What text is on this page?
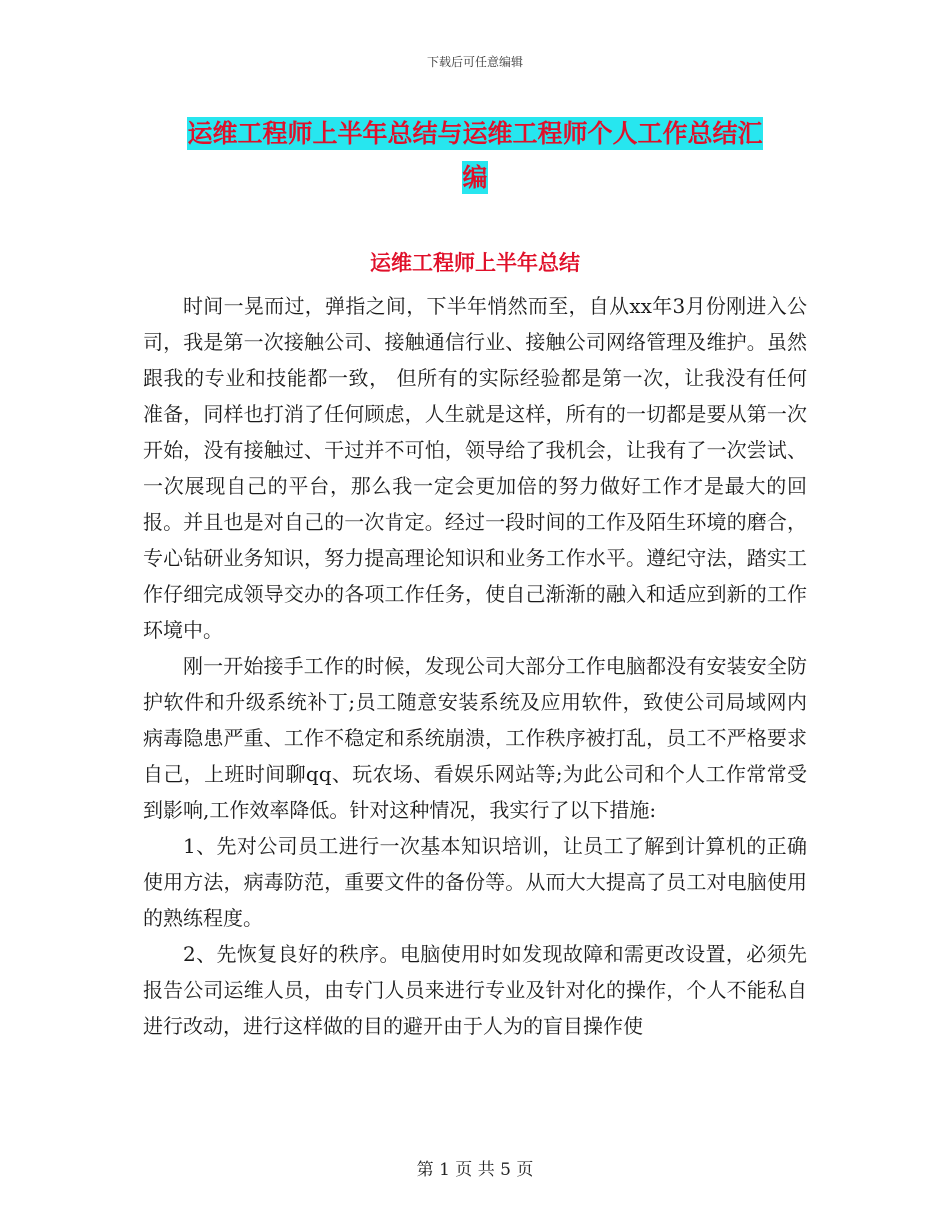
下载后可任意编辑
运维工程师上半年总结与运维工程师个人工作总结汇
编
运维工程师上半年总结

时间一晃而过，弹指之间，下半年悄然而至，自从xx年3月份刚进入公司，我是第一次接触公司、接触通信行业、接触公司网络管理及维护。虽然跟我的专业和技能都一致， 但所有的实际经验都是第一次，让我没有任何准备，同样也打消了任何顾虑，人生就是这样，所有的一切都是要从第一次开始，没有接触过、干过并不可怕，领导给了我机会，让我有了一次尝试、一次展现自己的平台，那么我一定会更加倍的努力做好工作才是最大的回报。并且也是对自己的一次肯定。经过一段时间的工作及陌生环境的磨合，专心钻研业务知识，努力提高理论知识和业务工作水平。遵纪守法，踏实工作仔细完成领导交办的各项工作任务，使自己渐渐的融入和适应到新的工作环境中。

刚一开始接手工作的时候，发现公司大部分工作电脑都没有安装安全防护软件和升级系统补丁;员工随意安装系统及应用软件，致使公司局域网内病毒隐患严重、工作不稳定和系统崩溃，工作秩序被打乱，员工不严格要求自己，上班时间聊qq、玩农场、看娱乐网站等;为此公司和个人工作常常受到影响,工作效率降低。针对这种情况，我实行了以下措施:

1、先对公司员工进行一次基本知识培训，让员工了解到计算机的正确使用方法，病毒防范，重要文件的备份等。从而大大提高了员工对电脑使用的熟练程度。

2、先恢复良好的秩序。电脑使用时如发现故障和需更改设置，必须先报告公司运维人员，由专门人员来进行专业及针对化的操作，个人不能私自进行改动，进行这样做的目的避开由于人为的盲目操作使

第 1 页 共 5 页
